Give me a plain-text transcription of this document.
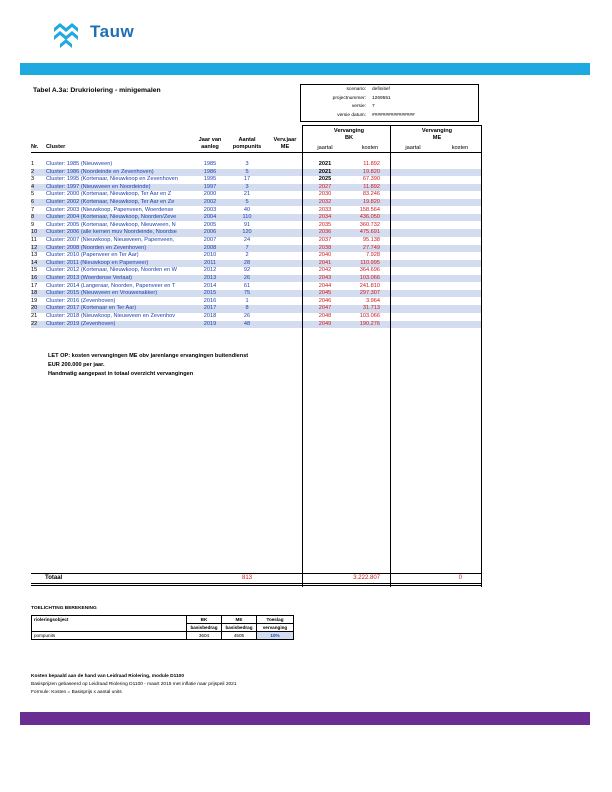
Tauw
Tabel A.3a: Drukriolering - minigemalen	scenario: definitief
projectnummer: 1269551
versie: 7
versie datum: ################
Jaar van
aanleg
Aantal
pompunits
Verv.jaar
ME
Vervanging
BK
Vervanging
ME
jaartal	kosten	jaartal	kosten
Nr. Cluster
1	Cluster: 1985 (Nieuwveen)	1985	3	2021	11.892
2	Cluster: 1986 (Noordeinde en Zevenhoven)	1986	5	2021	19.820
3	Cluster: 1995 (Kortenaar, Nieuwkoop en Zevenhoven	1995	17	2025	67.390
4	Cluster: 1997 (Nieuwveen en Noordeinde)	1997	3	2027	11.892
5	Cluster: 2000 (Kortenaar, Nieuwkoop, Ter Aar en Z	2000	21	2030	83.246
6	Cluster: 2002 (Kortenaar, Nieuwkoop, Ter Aar en Ze	2002	5	2032	19.820
7	Cluster: 2003 (Nieuwkoop, Papenveen, Woerdense	2003	40	2033	158.564
8	Cluster: 2004 (Kortenaar, Nieuwkoop, Noorden/Zeve	2004	110	2034	436.050
9	Cluster: 2005 (Kortenaar, Nieuwkoop, Nieuwveen, N	2005	91	2035	360.732
10	Cluster: 2006 (alle kernen muv Noordeinde, Noordse	2006	120	2036	475.691
11	Cluster: 2007 (Nieuwkoop, Nieuwveen, Papenveen,	2007	24	2037	95.138
12	Cluster: 2008 (Noorden en Zevenhoven)	2008	7	2038	27.749
13	Cluster: 2010 (Papenveer en Ter Aar)	2010	2	2040	7.928
14	Cluster: 2011 (Nieuwkoop en Papenveer)	2011	28	2041	110.995
15	Cluster: 2012 (Kortenaar, Nieuwkoop, Noorden en W	2012	92	2042	364.696
16	Cluster: 2013 (Woerdense Verlaat)	2013	26	2043	103.066
17	Cluster: 2014 (Langeraar, Noorden, Papenveer en T	2014	61	2044	241.810
18	Cluster: 2015 (Nieuwveen en Vrouwenakker)	2015	75	2045	297.307
19	Cluster: 2016 (Zevenhoven)	2016	1	2046	3.964
20	Cluster: 2017 (Kortenaar en Ter Aar)	2017	8	2047	31.713
21	Cluster: 2018 (Nieuwkoop, Nieuwveen en Zevenhov	2018	26	2048	103.066
22	Cluster: 2019 (Zevenhoven)	2019	48	2049	190.276
LET OP: kosten vervangingen ME obv jarenlange ervangingen buitendienst
EUR 200.000 per jaar.
Handmatig aangepast in totaal overzicht vervangingen
Totaal	813	3.222.807	0
TOELICHTING BEREKENING
rioleringsobject	BK	ME	Toeslag
	basisbedrag	basisbedrag	vervanging
pompunits	3604	4505	10%
Kosten bepaald aan de hand van Leidraad Riolering, module D1100
Basisprijzen gebaseerd op Leidraad Riolering D1100 - maart 2015 met inflatie naar prijspeil 2021
Formule: Kosten = Basisprijs x aantal units
